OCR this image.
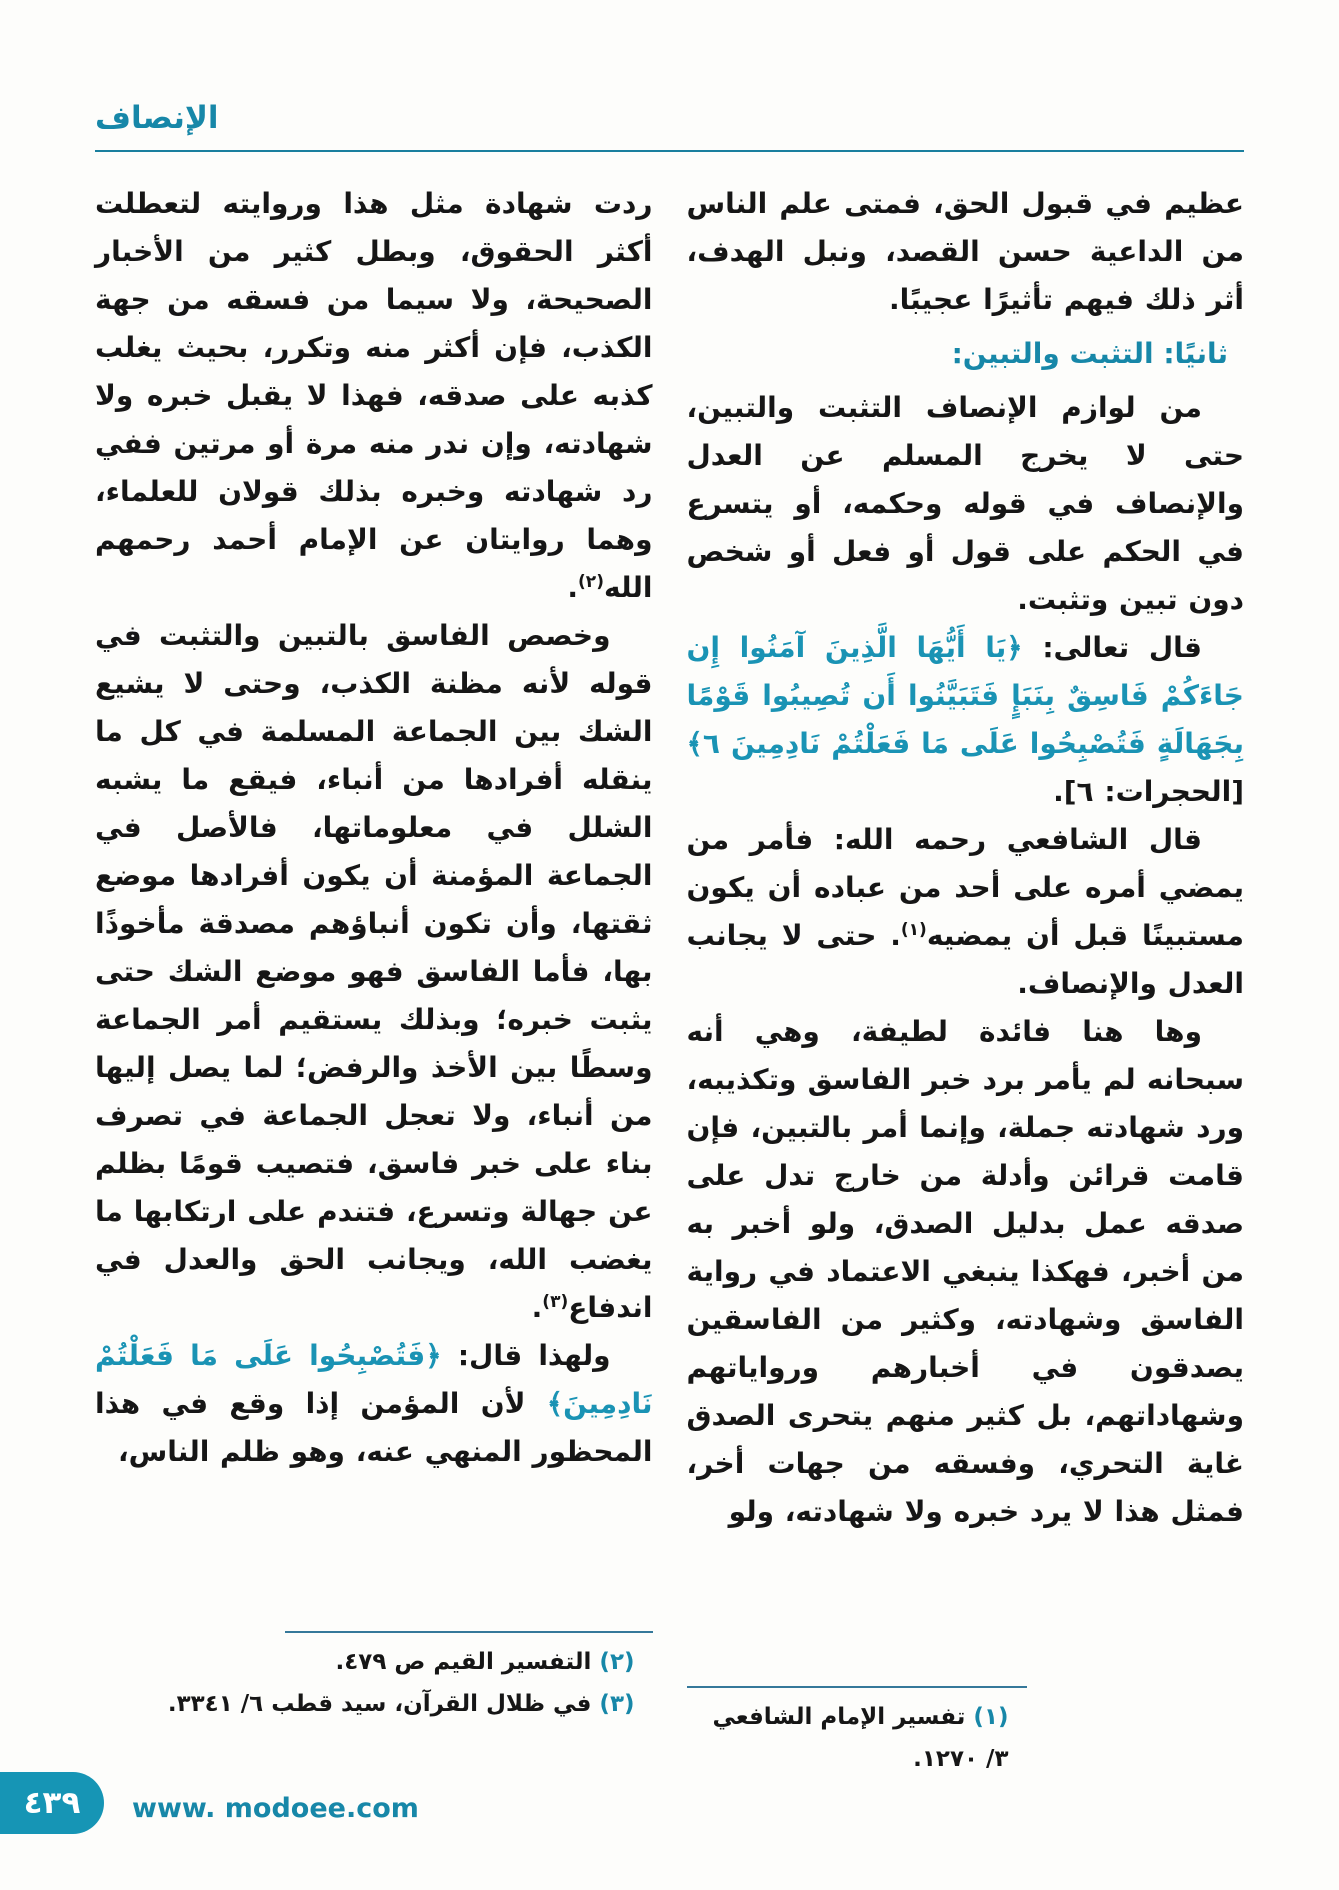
الإنصاف

عظيم في قبول الحق، فمتى علم الناس من الداعية حسن القصد، ونبل الهدف، أثر ذلك فيهم تأثيرًا عجيبًا.

ثانيًا: التثبت والتبين:

من لوازم الإنصاف التثبت والتبين، حتى لا يخرج المسلم عن العدل والإنصاف في قوله وحكمه، أو يتسرع في الحكم على قول أو فعل أو شخص دون تبين وتثبت.

قال تعالى: ﴿يَا أَيُّهَا الَّذِينَ آمَنُوا إِن جَاءَكُمْ فَاسِقٌ بِنَبَإٍ فَتَبَيَّنُوا أَن تُصِيبُوا قَوْمًا بِجَهَالَةٍ فَتُصْبِحُوا عَلَى مَا فَعَلْتُمْ نَادِمِينَ ٦﴾ [الحجرات: ٦].

قال الشافعي رحمه الله: فأمر من يمضي أمره على أحد من عباده أن يكون مستبينًا قبل أن يمضيه$^{(١)}$. حتى لا يجانب العدل والإنصاف.

وها هنا فائدة لطيفة، وهي أنه سبحانه لم يأمر برد خبر الفاسق وتكذيبه، ورد شهادته جملة، وإنما أمر بالتبين، فإن قامت قرائن وأدلة من خارج تدل على صدقه عمل بدليل الصدق، ولو أخبر به من أخبر، فهكذا ينبغي الاعتماد في رواية الفاسق وشهادته، وكثير من الفاسقين يصدقون في أخبارهم ورواياتهم وشهاداتهم، بل كثير منهم يتحرى الصدق غاية التحري، وفسقه من جهات أخر، فمثل هذا لا يرد خبره ولا شهادته، ولو

(١) تفسير الإمام الشافعي ٣/ ١٢٧٠.

ردت شهادة مثل هذا وروايته لتعطلت أكثر الحقوق، وبطل كثير من الأخبار الصحيحة، ولا سيما من فسقه من جهة الكذب، فإن أكثر منه وتكرر، بحيث يغلب كذبه على صدقه، فهذا لا يقبل خبره ولا شهادته، وإن ندر منه مرة أو مرتين ففي رد شهادته وخبره بذلك قولان للعلماء، وهما روايتان عن الإمام أحمد رحمهم الله$^{(٢)}$.

وخصص الفاسق بالتبين والتثبت في قوله لأنه مظنة الكذب، وحتى لا يشيع الشك بين الجماعة المسلمة في كل ما ينقله أفرادها من أنباء، فيقع ما يشبه الشلل في معلوماتها، فالأصل في الجماعة المؤمنة أن يكون أفرادها موضع ثقتها، وأن تكون أنباؤهم مصدقة مأخوذًا بها، فأما الفاسق فهو موضع الشك حتى يثبت خبره؛ وبذلك يستقيم أمر الجماعة وسطًا بين الأخذ والرفض؛ لما يصل إليها من أنباء، ولا تعجل الجماعة في تصرف بناء على خبر فاسق، فتصيب قومًا بظلم عن جهالة وتسرع، فتندم على ارتكابها ما يغضب الله، ويجانب الحق والعدل في اندفاع$^{(٣)}$.

ولهذا قال: ﴿فَتُصْبِحُوا عَلَى مَا فَعَلْتُمْ نَادِمِينَ﴾ لأن المؤمن إذا وقع في هذا المحظور المنهي عنه، وهو ظلم الناس،

(٢) التفسير القيم ص ٤٧٩.

(٣) في ظلال القرآن، سيد قطب ٦/ ٣٣٤١.

٤٣٩ www. modoee.com
